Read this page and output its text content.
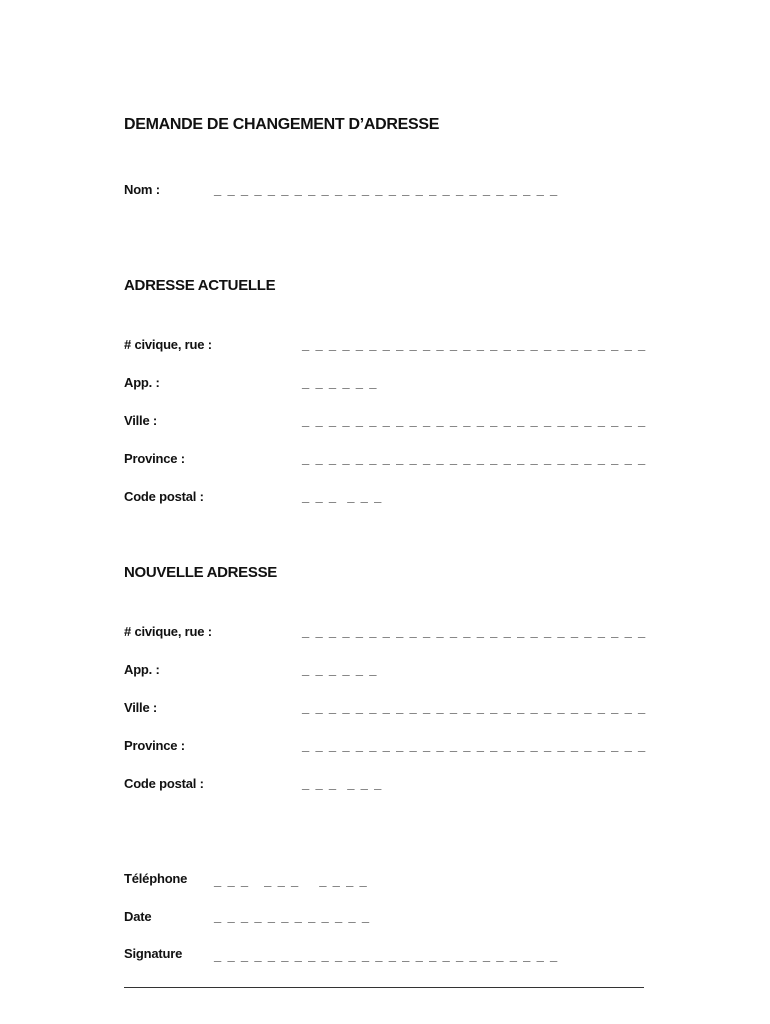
DEMANDE DE CHANGEMENT D’ADRESSE
Nom :	_ _ _ _ _ _ _ _ _ _ _ _ _ _ _ _ _ _ _ _ _ _ _ _ _ _
ADRESSE ACTUELLE
# civique, rue :	_ _ _ _ _ _ _ _ _ _ _ _ _ _ _ _ _ _ _ _ _ _ _ _ _ _
App. :	_ _ _ _ _ _
Ville :	_ _ _ _ _ _ _ _ _ _ _ _ _ _ _ _ _ _ _ _ _ _ _ _ _ _
Province :	_ _ _ _ _ _ _ _ _ _ _ _ _ _ _ _ _ _ _ _ _ _ _ _ _ _
Code postal :	_ _ _  _ _ _
NOUVELLE ADRESSE
# civique, rue :	_ _ _ _ _ _ _ _ _ _ _ _ _ _ _ _ _ _ _ _ _ _ _ _ _ _
App. :	_ _ _ _ _ _
Ville :	_ _ _ _ _ _ _ _ _ _ _ _ _ _ _ _ _ _ _ _ _ _ _ _ _ _
Province :	_ _ _ _ _ _ _ _ _ _ _ _ _ _ _ _ _ _ _ _ _ _ _ _ _ _
Code postal :	_ _ _  _ _ _
Téléphone _ _ _   _ _ _    _ _ _ _
Date	_ _ _ _ _ _ _ _ _ _ _ _
Signature _ _ _ _ _ _ _ _ _ _ _ _ _ _ _ _ _ _ _ _ _ _ _ _ _ _
